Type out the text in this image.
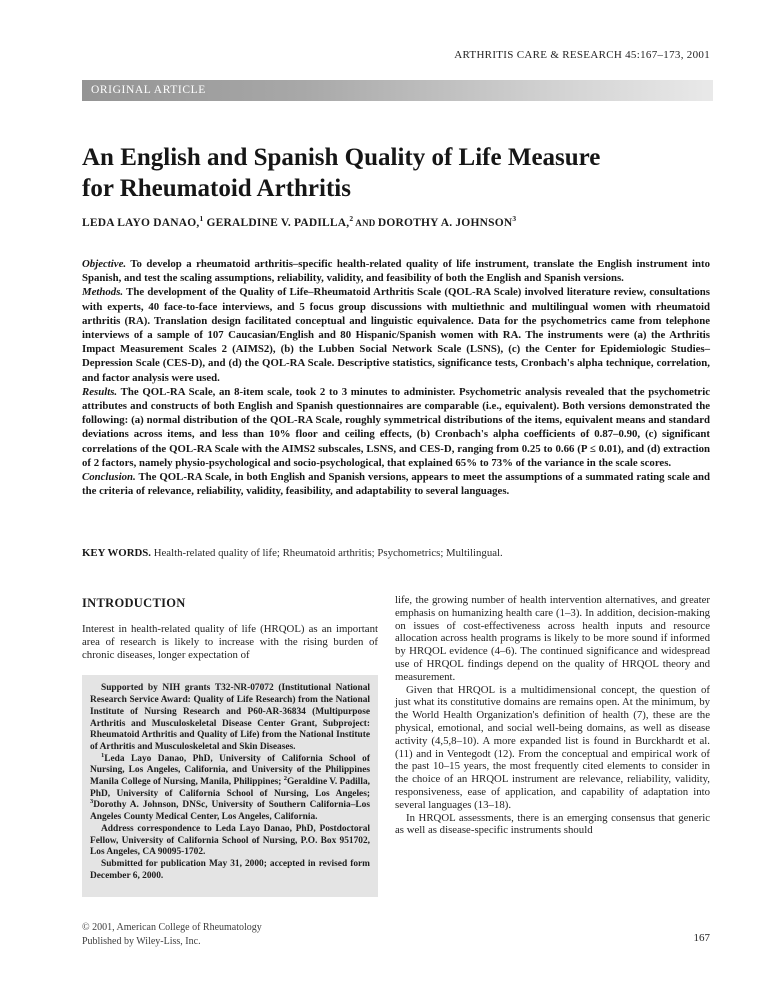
ARTHRITIS CARE & RESEARCH 45:167–173, 2001
ORIGINAL ARTICLE
An English and Spanish Quality of Life Measure
for Rheumatoid Arthritis
LEDA LAYO DANAO,$^1$ GERALDINE V. PADILLA,$^2$ AND DOROTHY A. JOHNSON$^3$

Objective. To develop a rheumatoid arthritis–specific health-related quality of life instrument, translate the English instrument into Spanish, and test the scaling assumptions, reliability, validity, and feasibility of both the English and Spanish versions.

Methods. The development of the Quality of Life–Rheumatoid Arthritis Scale (QOL-RA Scale) involved literature review, consultations with experts, 40 face-to-face interviews, and 5 focus group discussions with multiethnic and multilingual women with rheumatoid arthritis (RA). Translation design facilitated conceptual and linguistic equivalence. Data for the psychometrics came from telephone interviews of a sample of 107 Caucasian/English and 80 Hispanic/Spanish women with RA. The instruments were (a) the Arthritis Impact Measurement Scales 2 (AIMS2), (b) the Lubben Social Network Scale (LSNS), (c) the Center for Epidemiologic Studies–Depression Scale (CES-D), and (d) the QOL-RA Scale. Descriptive statistics, significance tests, Cronbach's alpha technique, correlation, and factor analysis were used.

Results. The QOL-RA Scale, an 8-item scale, took 2 to 3 minutes to administer. Psychometric analysis revealed that the psychometric attributes and constructs of both English and Spanish questionnaires are comparable (i.e., equivalent). Both versions demonstrated the following: (a) normal distribution of the QOL-RA Scale, roughly symmetrical distributions of the items, equivalent means and standard deviations across items, and less than 10% floor and ceiling effects, (b) Cronbach's alpha coefficients of 0.87–0.90, (c) significant correlations of the QOL-RA Scale with the AIMS2 subscales, LSNS, and CES-D, ranging from 0.25 to 0.66 (P ≤ 0.01), and (d) extraction of 2 factors, namely physio-psychological and socio-psychological, that explained 65% to 73% of the variance in the scale scores.

Conclusion. The QOL-RA Scale, in both English and Spanish versions, appears to meet the assumptions of a summated rating scale and the criteria of relevance, reliability, validity, feasibility, and adaptability to several languages.

KEY WORDS. Health-related quality of life; Rheumatoid arthritis; Psychometrics; Multilingual.
INTRODUCTION

Interest in health-related quality of life (HRQOL) as an important area of research is likely to increase with the rising burden of chronic diseases, longer expectation of

Supported by NIH grants T32-NR-07072 (Institutional National Research Service Award: Quality of Life Research) from the National Institute of Nursing Research and P60-AR-36834 (Multipurpose Arthritis and Musculoskeletal Disease Center Grant, Subproject: Rheumatoid Arthritis and Quality of Life) from the National Institute of Arthritis and Musculoskeletal and Skin Diseases.

$^1$Leda Layo Danao, PhD, University of California School of Nursing, Los Angeles, California, and University of the Philippines Manila College of Nursing, Manila, Philippines; $^2$Geraldine V. Padilla, PhD, University of California School of Nursing, Los Angeles; $^3$Dorothy A. Johnson, DNSc, University of Southern California–Los Angeles County Medical Center, Los Angeles, California.

Address correspondence to Leda Layo Danao, PhD, Postdoctoral Fellow, University of California School of Nursing, P.O. Box 951702, Los Angeles, CA 90095-1702.

Submitted for publication May 31, 2000; accepted in revised form December 6, 2000.

life, the growing number of health intervention alternatives, and greater emphasis on humanizing health care (1–3). In addition, decision-making on issues of cost-effectiveness across health inputs and resource allocation across health programs is likely to be more sound if informed by HRQOL evidence (4–6). The continued significance and widespread use of HRQOL findings depend on the quality of HRQOL theory and measurement.

Given that HRQOL is a multidimensional concept, the question of just what its constitutive domains are remains open. At the minimum, by the World Health Organization's definition of health (7), these are the physical, emotional, and social well-being domains, as well as disease activity (4,5,8–10). A more expanded list is found in Burckhardt et al. (11) and in Ventegodt (12). From the conceptual and empirical work of the past 10–15 years, the most frequently cited elements to consider in the choice of an HRQOL instrument are relevance, reliability, validity, responsiveness, ease of application, and capability of adaptation into several languages (13–18).

In HRQOL assessments, there is an emerging consensus that generic as well as disease-specific instruments should

© 2001, American College of Rheumatology
Published by Wiley-Liss, Inc.	167
